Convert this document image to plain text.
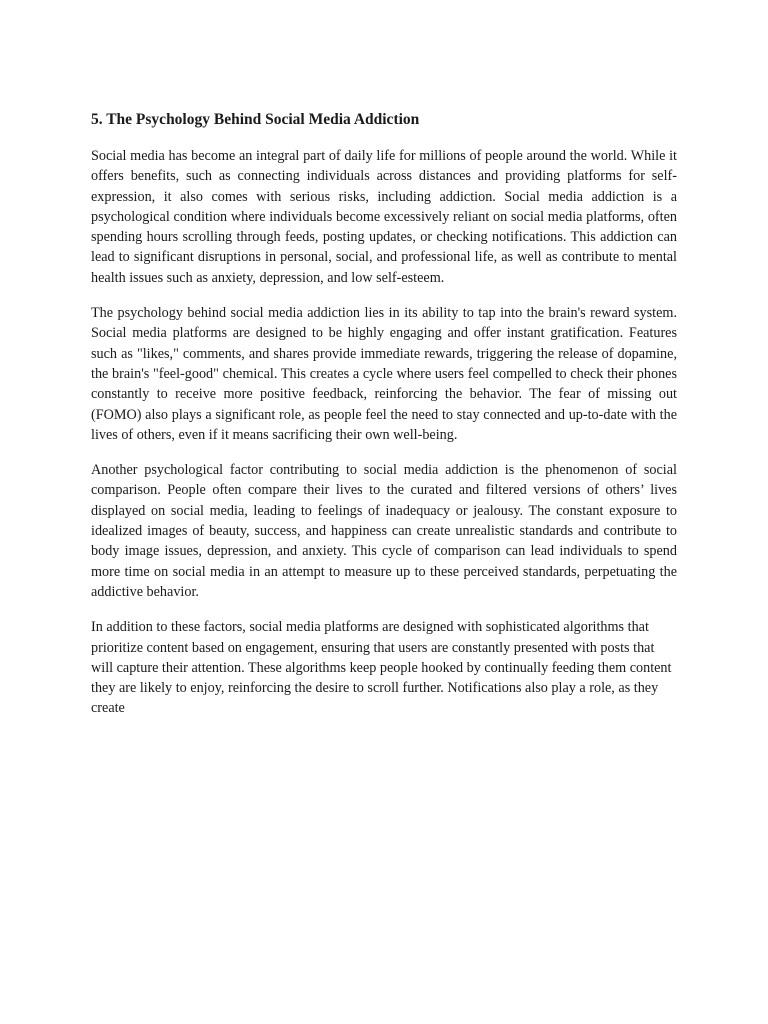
5. The Psychology Behind Social Media Addiction

Social media has become an integral part of daily life for millions of people around the world. While it offers benefits, such as connecting individuals across distances and providing platforms for self-expression, it also comes with serious risks, including addiction. Social media addiction is a psychological condition where individuals become excessively reliant on social media platforms, often spending hours scrolling through feeds, posting updates, or checking notifications. This addiction can lead to significant disruptions in personal, social, and professional life, as well as contribute to mental health issues such as anxiety, depression, and low self-esteem.

The psychology behind social media addiction lies in its ability to tap into the brain's reward system. Social media platforms are designed to be highly engaging and offer instant gratification. Features such as "likes," comments, and shares provide immediate rewards, triggering the release of dopamine, the brain's "feel-good" chemical. This creates a cycle where users feel compelled to check their phones constantly to receive more positive feedback, reinforcing the behavior. The fear of missing out (FOMO) also plays a significant role, as people feel the need to stay connected and up-to-date with the lives of others, even if it means sacrificing their own well-being.

Another psychological factor contributing to social media addiction is the phenomenon of social comparison. People often compare their lives to the curated and filtered versions of others’ lives displayed on social media, leading to feelings of inadequacy or jealousy. The constant exposure to idealized images of beauty, success, and happiness can create unrealistic standards and contribute to body image issues, depression, and anxiety. This cycle of comparison can lead individuals to spend more time on social media in an attempt to measure up to these perceived standards, perpetuating the addictive behavior.

In addition to these factors, social media platforms are designed with sophisticated algorithms that prioritize content based on engagement, ensuring that users are constantly presented with posts that will capture their attention. These algorithms keep people hooked by continually feeding them content they are likely to enjoy, reinforcing the desire to scroll further. Notifications also play a role, as they create
